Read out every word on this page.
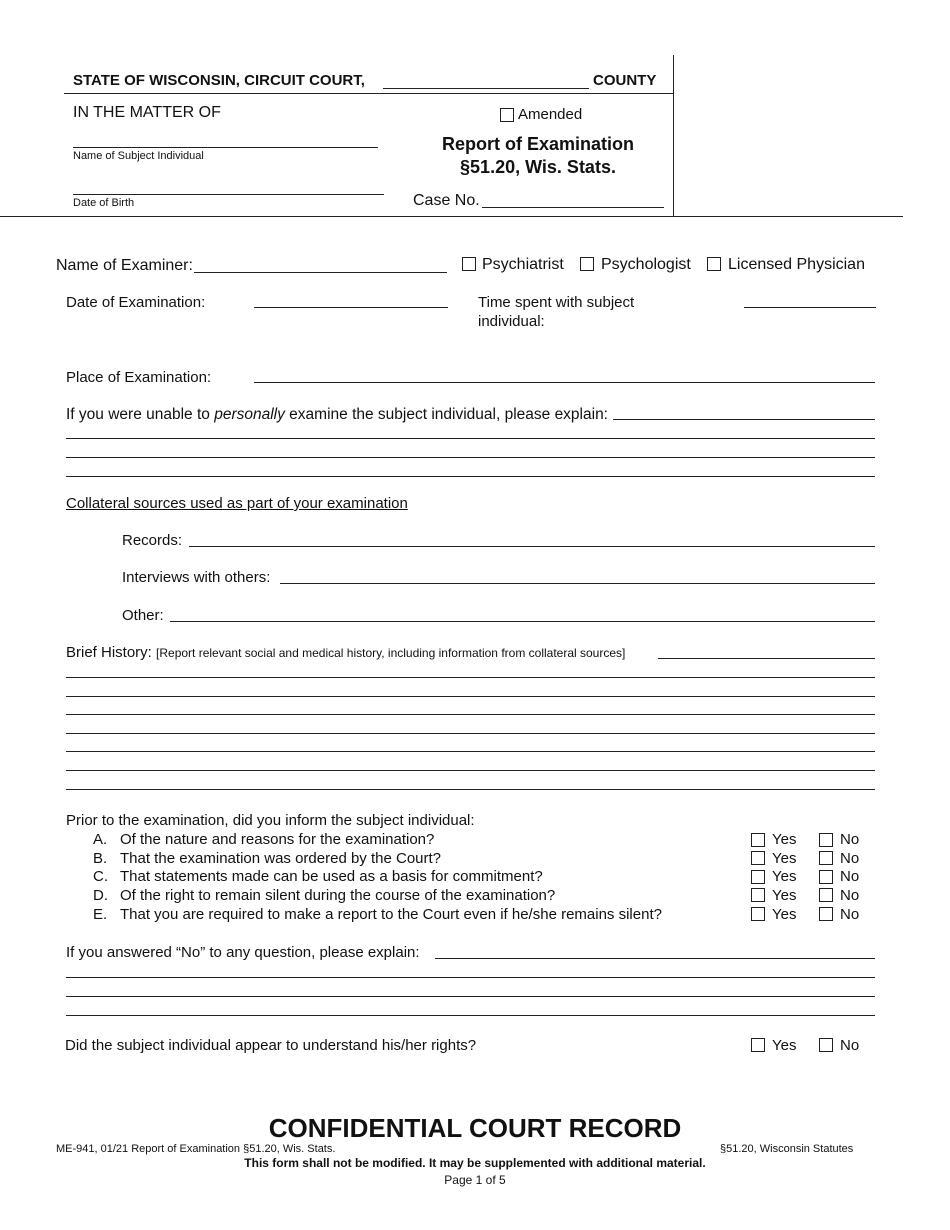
STATE OF WISCONSIN, CIRCUIT COURT,	COUNTY
IN THE MATTER OF
Name of Subject Individual
Date of Birth
Amended
Report of Examination
§51.20, Wis. Stats.
Case No.
Name of Examiner:	Psychiatrist Psychologist Licensed Physician
Date of Examination:	Time spent with subject
individual:
Place of Examination:
If you were unable to personally examine the subject individual, please explain:
Collateral sources used as part of your examination
Records:
Interviews with others:
Other:
Brief History: [Report relevant social and medical history, including information from collateral sources]
Prior to the examination, did you inform the subject individual:
A. Of the nature and reasons for the examination?	Yes	No
B. That the examination was ordered by the Court?	Yes	No
C. That statements made can be used as a basis for commitment?	Yes	No
D. Of the right to remain silent during the course of the examination?	Yes	No
E. That you are required to make a report to the Court even if he/she remains silent?	Yes	No
If you answered “No” to any question, please explain:
Did the subject individual appear to understand his/her rights?	Yes	No
CONFIDENTIAL COURT RECORD
ME-941, 01/21 Report of Examination §51.20, Wis. Stats.	§51.20, Wisconsin Statutes
This form shall not be modified. It may be supplemented with additional material.
Page 1 of 5
